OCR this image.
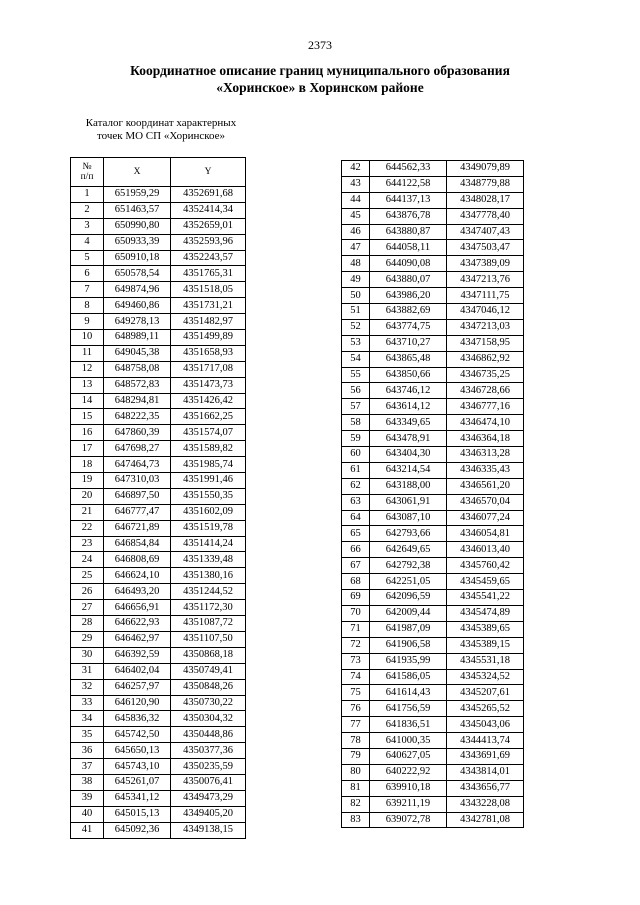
2373
Координатное описание границ муниципального образования
«Хоринское» в Хоринском районе
Каталог координат характерных
точек МО СП «Хоринское»
№
п/п	X	Y
1	651959,29	4352691,68
2	651463,57	4352414,34
3	650990,80	4352659,01
4	650933,39	4352593,96
5	650910,18	4352243,57
6	650578,54	4351765,31
7	649874,96	4351518,05
8	649460,86	4351731,21
9	649278,13	4351482,97
10	648989,11	4351499,89
11	649045,38	4351658,93
12	648758,08	4351717,08
13	648572,83	4351473,73
14	648294,81	4351426,42
15	648222,35	4351662,25
16	647860,39	4351574,07
17	647698,27	4351589,82
18	647464,73	4351985,74
19	647310,03	4351991,46
20	646897,50	4351550,35
21	646777,47	4351602,09
22	646721,89	4351519,78
23	646854,84	4351414,24
24	646808,69	4351339,48
25	646624,10	4351380,16
26	646493,20	4351244,52
27	646656,91	4351172,30
28	646622,93	4351087,72
29	646462,97	4351107,50
30	646392,59	4350868,18
31	646402,04	4350749,41
32	646257,97	4350848,26
33	646120,90	4350730,22
34	645836,32	4350304,32
35	645742,50	4350448,86
36	645650,13	4350377,36
37	645743,10	4350235,59
38	645261,07	4350076,41
39	645341,12	4349473,29
40	645015,13	4349405,20
41	645092,36	4349138,15
42	644562,33	4349079,89
43	644122,58	4348779,88
44	644137,13	4348028,17
45	643876,78	4347778,40
46	643880,87	4347407,43
47	644058,11	4347503,47
48	644090,08	4347389,09
49	643880,07	4347213,76
50	643986,20	4347111,75
51	643882,69	4347046,12
52	643774,75	4347213,03
53	643710,27	4347158,95
54	643865,48	4346862,92
55	643850,66	4346735,25
56	643746,12	4346728,66
57	643614,12	4346777,16
58	643349,65	4346474,10
59	643478,91	4346364,18
60	643404,30	4346313,28
61	643214,54	4346335,43
62	643188,00	4346561,20
63	643061,91	4346570,04
64	643087,10	4346077,24
65	642793,66	4346054,81
66	642649,65	4346013,40
67	642792,38	4345760,42
68	642251,05	4345459,65
69	642096,59	4345541,22
70	642009,44	4345474,89
71	641987,09	4345389,65
72	641906,58	4345389,15
73	641935,99	4345531,18
74	641586,05	4345324,52
75	641614,43	4345207,61
76	641756,59	4345265,52
77	641836,51	4345043,06
78	641000,35	4344413,74
79	640627,05	4343691,69
80	640222,92	4343814,01
81	639910,18	4343656,77
82	639211,19	4343228,08
83	639072,78	4342781,08
